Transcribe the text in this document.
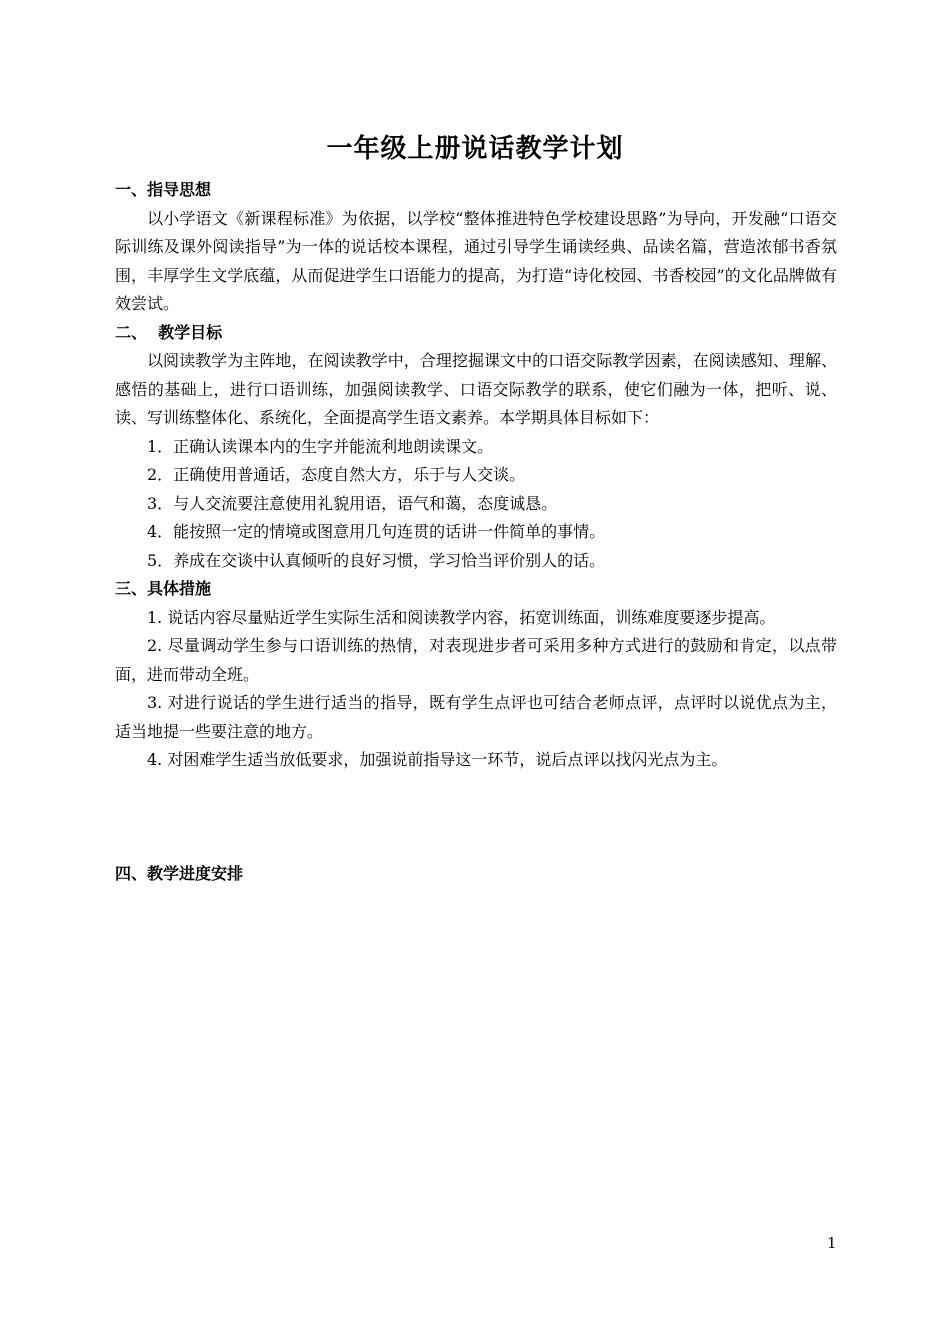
一年级上册说话教学计划

一、指导思想

以小学语文《新课程标准》为依据，以学校“整体推进特色学校建设思路”为导向，开发融“口语交际训练及课外阅读指导”为一体的说话校本课程，通过引导学生诵读经典、品读名篇，营造浓郁书香氛围，丰厚学生文学底蕴，从而促进学生口语能力的提高，为打造“诗化校园、书香校园”的文化品牌做有效尝试。

二、  教学目标

以阅读教学为主阵地，在阅读教学中，合理挖掘课文中的口语交际教学因素，在阅读感知、理解、感悟的基础上，进行口语训练，加强阅读教学、口语交际教学的联系，使它们融为一体，把听、说、读、写训练整体化、系统化，全面提高学生语文素养。本学期具体目标如下：

1．正确认读课本内的生字并能流利地朗读课文。

2．正确使用普通话，态度自然大方，乐于与人交谈。

3．与人交流要注意使用礼貌用语，语气和蔼，态度诚恳。

4．能按照一定的情境或图意用几句连贯的话讲一件简单的事情。

5．养成在交谈中认真倾听的良好习惯，学习恰当评价别人的话。

三、具体措施

1. 说话内容尽量贴近学生实际生活和阅读教学内容，拓宽训练面，训练难度要逐步提高。

2. 尽量调动学生参与口语训练的热情，对表现进步者可采用多种方式进行的鼓励和肯定，以点带面，进而带动全班。

3. 对进行说话的学生进行适当的指导，既有学生点评也可结合老师点评，点评时以说优点为主，适当地提一些要注意的地方。

4. 对困难学生适当放低要求，加强说前指导这一环节，说后点评以找闪光点为主。

四、教学进度安排

1
